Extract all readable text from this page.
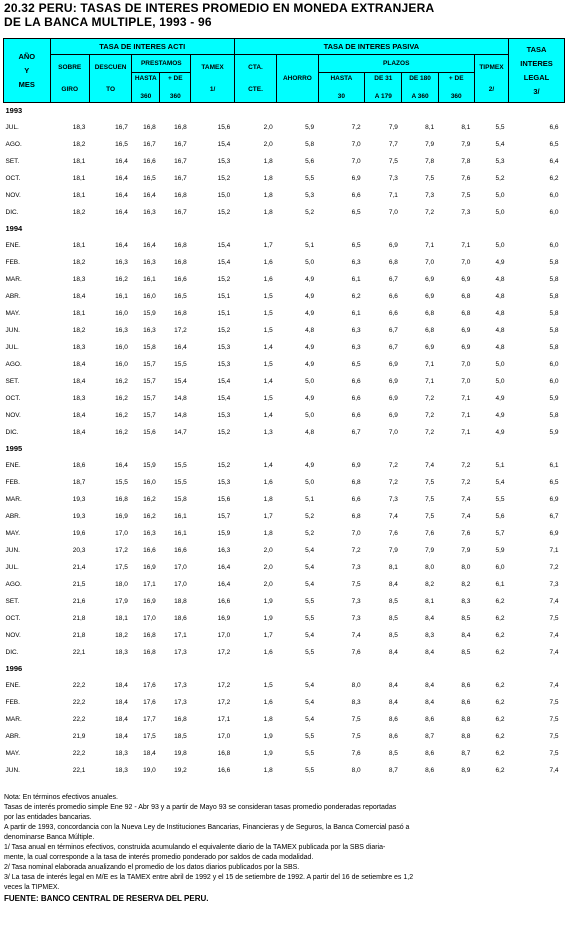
20.32 PERU: TASAS DE INTERES PROMEDIO EN MONEDA EXTRANJERA
DE LA BANCA MULTIPLE, 1993 - 96
AÑO
Y
MES	TASA DE INTERES ACTI					TASA DE INTERES PASIVA							TASA
INTERES
LEGAL
3/

	SOBRE
GIRO	DESCUEN
TO	PRESTAMOS		TAMEX
1/	CTA.
CTE.	AHORRO	PLAZOS				TIPMEX
2/	

			HASTA
360	+ DE
360				HASTA
30	DE 31
A 179	DE 180
A 360	+ DE
360		

1993													
JUL.	18,3	16,7	16,8	16,8	15,6	2,0	5,9	7,2	7,9	8,1	8,1	5,5	6,6
AGO.	18,2	16,5	16,7	16,7	15,4	2,0	5,8	7,0	7,7	7,9	7,9	5,4	6,5
SET.	18,1	16,4	16,6	16,7	15,3	1,8	5,6	7,0	7,5	7,8	7,8	5,3	6,4
OCT.	18,1	16,4	16,5	16,7	15,2	1,8	5,5	6,9	7,3	7,5	7,6	5,2	6,2
NOV.	18,1	16,4	16,4	16,8	15,0	1,8	5,3	6,6	7,1	7,3	7,5	5,0	6,0
DIC.	18,2	16,4	16,3	16,7	15,2	1,8	5,2	6,5	7,0	7,2	7,3	5,0	6,0
1994													
ENE.	18,1	16,4	16,4	16,8	15,4	1,7	5,1	6,5	6,9	7,1	7,1	5,0	6,0
FEB.	18,2	16,3	16,3	16,8	15,4	1,6	5,0	6,3	6,8	7,0	7,0	4,9	5,8
MAR.	18,3	16,2	16,1	16,6	15,2	1,6	4,9	6,1	6,7	6,9	6,9	4,8	5,8
ABR.	18,4	16,1	16,0	16,5	15,1	1,5	4,9	6,2	6,6	6,9	6,8	4,8	5,8
MAY.	18,1	16,0	15,9	16,8	15,1	1,5	4,9	6,1	6,6	6,8	6,8	4,8	5,8
JUN.	18,2	16,3	16,3	17,2	15,2	1,5	4,8	6,3	6,7	6,8	6,9	4,8	5,8
JUL.	18,3	16,0	15,8	16,4	15,3	1,4	4,9	6,3	6,7	6,9	6,9	4,8	5,8
AGO.	18,4	16,0	15,7	15,5	15,3	1,5	4,9	6,5	6,9	7,1	7,0	5,0	6,0
SET.	18,4	16,2	15,7	15,4	15,4	1,4	5,0	6,6	6,9	7,1	7,0	5,0	6,0
OCT.	18,3	16,2	15,7	14,8	15,4	1,5	4,9	6,6	6,9	7,2	7,1	4,9	5,9
NOV.	18,4	16,2	15,7	14,8	15,3	1,4	5,0	6,6	6,9	7,2	7,1	4,9	5,8
DIC.	18,4	16,2	15,6	14,7	15,2	1,3	4,8	6,7	7,0	7,2	7,1	4,9	5,9
1995													
ENE.	18,6	16,4	15,9	15,5	15,2	1,4	4,9	6,9	7,2	7,4	7,2	5,1	6,1
FEB.	18,7	15,5	16,0	15,5	15,3	1,6	5,0	6,8	7,2	7,5	7,2	5,4	6,5
MAR.	19,3	16,8	16,2	15,8	15,6	1,8	5,1	6,6	7,3	7,5	7,4	5,5	6,9
ABR.	19,3	16,9	16,2	16,1	15,7	1,7	5,2	6,8	7,4	7,5	7,4	5,6	6,7
MAY.	19,6	17,0	16,3	16,1	15,9	1,8	5,2	7,0	7,6	7,6	7,6	5,7	6,9
JUN.	20,3	17,2	16,6	16,6	16,3	2,0	5,4	7,2	7,9	7,9	7,9	5,9	7,1
JUL.	21,4	17,5	16,9	17,0	16,4	2,0	5,4	7,3	8,1	8,0	8,0	6,0	7,2
AGO.	21,5	18,0	17,1	17,0	16,4	2,0	5,4	7,5	8,4	8,2	8,2	6,1	7,3
SET.	21,6	17,9	16,9	18,8	16,6	1,9	5,5	7,3	8,5	8,1	8,3	6,2	7,4
OCT.	21,8	18,1	17,0	18,6	16,9	1,9	5,5	7,3	8,5	8,4	8,5	6,2	7,5
NOV.	21,8	18,2	16,8	17,1	17,0	1,7	5,4	7,4	8,5	8,3	8,4	6,2	7,4
DIC.	22,1	18,3	16,8	17,3	17,2	1,6	5,5	7,6	8,4	8,4	8,5	6,2	7,4
1996													
ENE.	22,2	18,4	17,6	17,3	17,2	1,5	5,4	8,0	8,4	8,4	8,6	6,2	7,4
FEB.	22,2	18,4	17,6	17,3	17,2	1,6	5,4	8,3	8,4	8,4	8,6	6,2	7,5
MAR.	22,2	18,4	17,7	16,8	17,1	1,8	5,4	7,5	8,6	8,6	8,8	6,2	7,5
ABR.	21,9	18,4	17,5	18,5	17,0	1,9	5,5	7,5	8,6	8,7	8,8	6,2	7,5
MAY.	22,2	18,3	18,4	19,8	16,8	1,9	5,5	7,6	8,5	8,6	8,7	6,2	7,5
JUN.	22,1	18,3	19,0	19,2	16,6	1,8	5,5	8,0	8,7	8,6	8,9	6,2	7,4
Nota: En términos efectivos anuales.
Tasas de interés promedio simple Ene 92 - Abr 93 y a partir de Mayo 93 se consideran tasas promedio ponderadas reportadas
por las entidades bancarias.
A partir de 1993, concordancia con la Nueva Ley de Instituciones Bancarias, Financieras y de Seguros, la Banca Comercial pasó a
denominarse Banca Múltiple.
1/ Tasa anual en términos efectivos, construida acumulando el equivalente diario de la TAMEX publicada por la SBS diaria-
mente, la cual corresponde a la tasa de interés promedio ponderado por saldos de cada modalidad.
2/ Tasa nominal elaborada anualizando el promedio de los datos diarios publicados por la SBS.
3/ La tasa de interés legal en M/E es la TAMEX entre abril de 1992 y el 15 de setiembre de 1992. A partir del 16 de setiembre es 1,2
veces la TIPMEX.
FUENTE: BANCO CENTRAL DE RESERVA DEL PERU.
